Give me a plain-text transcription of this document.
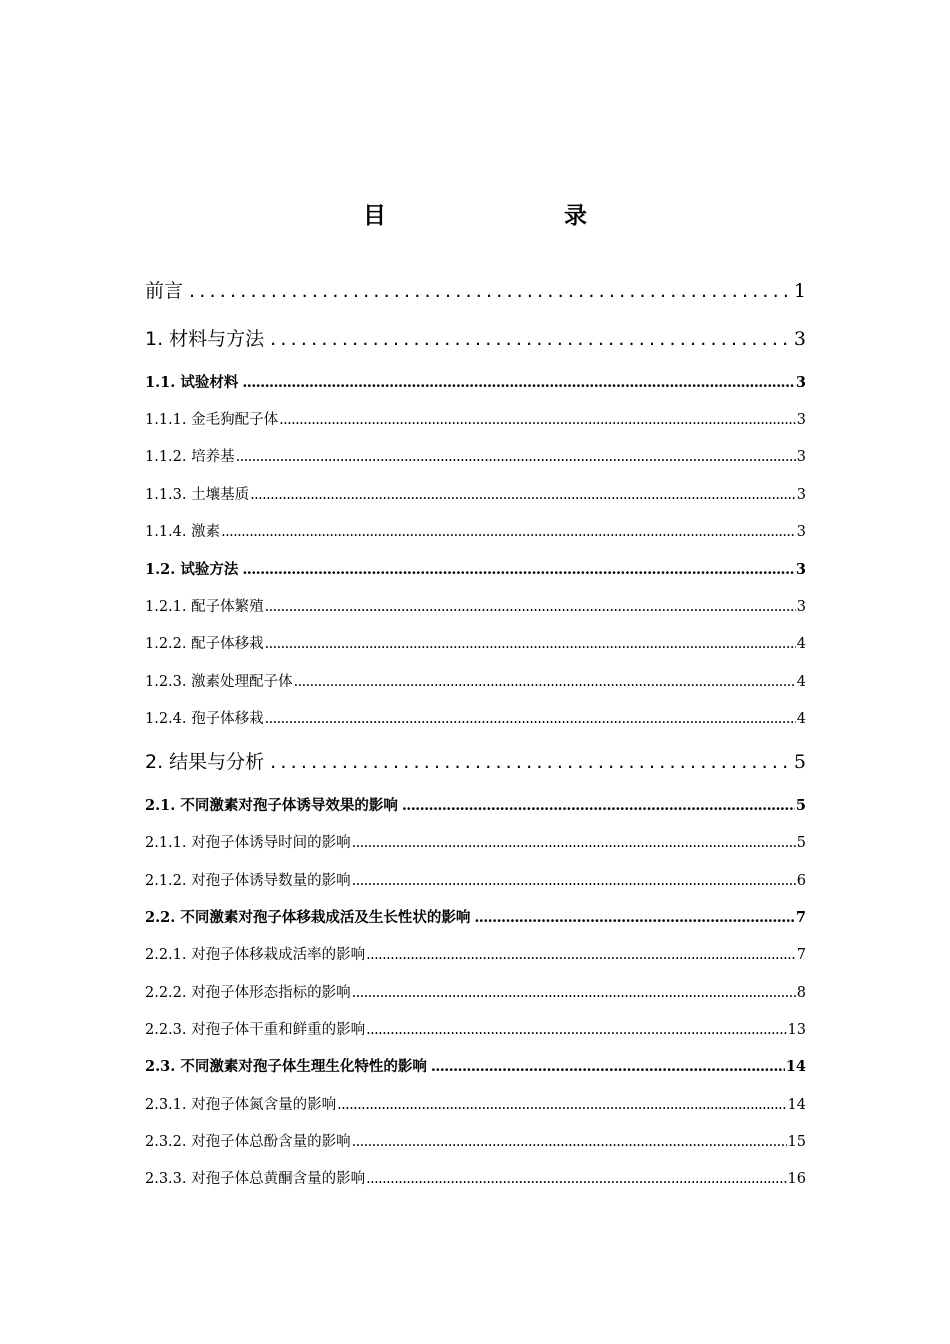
目　　录
前言 .....	1
1. 材料与方法 .....	3
1.1. 试验材料 .....	3
1.1.1. 金毛狗配子体 .....	3
1.1.2. 培养基 .....	3
1.1.3. 土壤基质 .....	3
1.1.4. 激素 .....	3
1.2. 试验方法 .....	3
1.2.1. 配子体繁殖 .....	3
1.2.2. 配子体移栽 .....	4
1.2.3. 激素处理配子体 .....	4
1.2.4. 孢子体移栽 .....	4
2. 结果与分析 .....	5
2.1. 不同激素对孢子体诱导效果的影响 .....	5
2.1.1. 对孢子体诱导时间的影响 .....	5
2.1.2. 对孢子体诱导数量的影响 .....	6
2.2. 不同激素对孢子体移栽成活及生长性状的影响 .....	7
2.2.1. 对孢子体移栽成活率的影响 .....	7
2.2.2. 对孢子体形态指标的影响 .....	8
2.2.3. 对孢子体干重和鲜重的影响 .....	13
2.3. 不同激素对孢子体生理生化特性的影响 .....	14
2.3.1. 对孢子体氮含量的影响 .....	14
2.3.2. 对孢子体总酚含量的影响 .....	15
2.3.3. 对孢子体总黄酮含量的影响 .....	16
